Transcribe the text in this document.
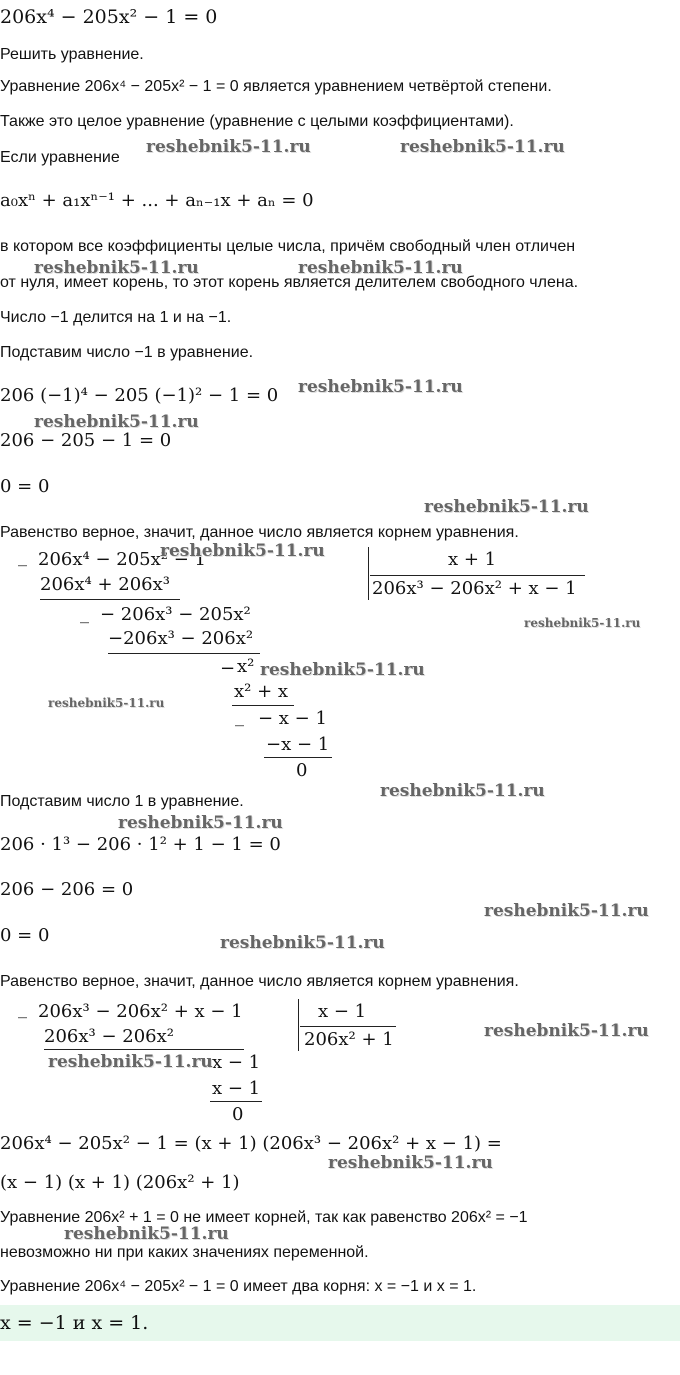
206x⁴ − 205x² − 1 = 0
Решить уравнение.
Уравнение 206x⁴ − 205x² − 1 = 0 является уравнением четвёртой степени.
Также это целое уравнение (уравнение с целыми коэффициентами).
Если уравнение
a₀xⁿ + a₁xⁿ⁻¹ + ... + aₙ₋₁x + aₙ = 0
в котором все коэффициенты целые числа, причём свободный член отличен
от нуля, имеет корень, то этот корень является делителем свободного члена.
Число −1 делится на 1 и на −1.
Подставим число −1 в уравнение.
206 (−1)⁴ − 205 (−1)² − 1 = 0
206 − 205 − 1 = 0
0 = 0
Равенство верное, значит, данное число является корнем уравнения.
_ 206x⁴ − 205x² − 1
206x⁴ + 206x³
_ − 206x³ − 205x²
−206x³ − 206x²
− x²
x² + x
_ − x − 1
−x − 1
0
x + 1
206x³ − 206x² + x − 1
Подставим число 1 в уравнение.
206 · 1³ − 206 · 1² + 1 − 1 = 0
206 − 206 = 0
0 = 0
Равенство верное, значит, данное число является корнем уравнения.
_ 206x³ − 206x² + x − 1
206x³ − 206x²
x − 1
x − 1
0
x − 1
206x² + 1
206x⁴ − 205x² − 1 = (x + 1) (206x³ − 206x² + x − 1) =
(x − 1) (x + 1) (206x² + 1)
Уравнение 206x² + 1 = 0 не имеет корней, так как равенство 206x² = −1
невозможно ни при каких значениях переменной.
Уравнение 206x⁴ − 205x² − 1 = 0 имеет два корня: x = −1 и x = 1.
x = −1 и x = 1.
reshebnik5-11.ru	reshebnik5-11.ru
reshebnik5-11.ru	reshebnik5-11.ru
reshebnik5-11.ru
reshebnik5-11.ru
reshebnik5-11.ru
reshebnik5-11.ru
reshebnik5-11.ru
reshebnik5-11.ru
reshebnik5-11.ru
reshebnik5-11.ru
reshebnik5-11.ru
reshebnik5-11.ru
reshebnik5-11.ru
reshebnik5-11.ru
reshebnik5-11.ru
reshebnik5-11.ru
reshebnik5-11.ru
